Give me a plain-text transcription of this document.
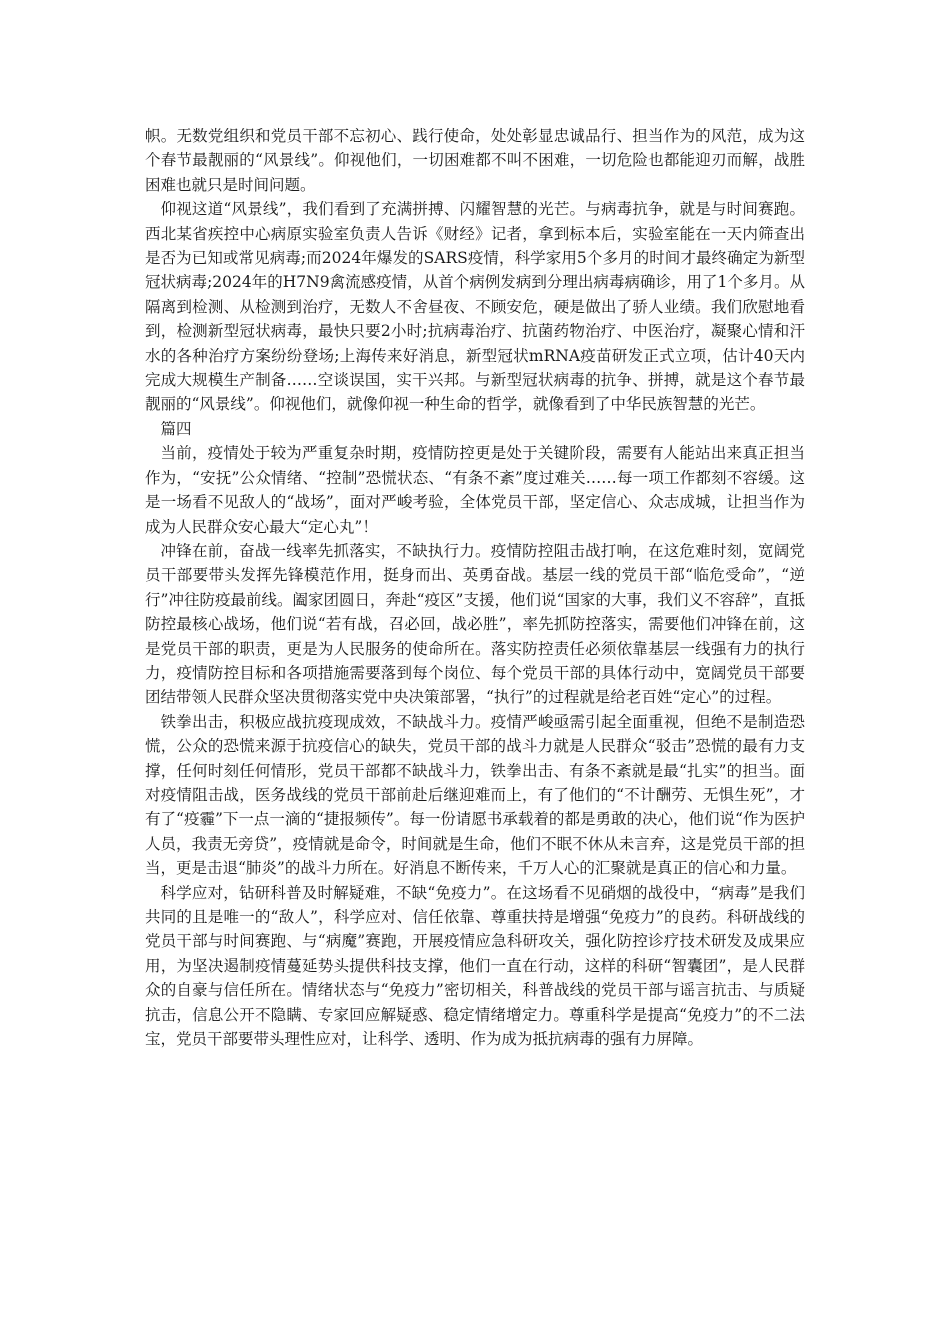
帜。无数党组织和党员干部不忘初心、践行使命，处处彰显忠诚品行、担当作为的风范，成为这个春节最靓丽的“风景线”。仰视他们，一切困难都不叫不困难，一切危险也都能迎刃而解，战胜困难也就只是时间问题。

仰视这道“风景线”，我们看到了充满拼搏、闪耀智慧的光芒。与病毒抗争，就是与时间赛跑。西北某省疾控中心病原实验室负责人告诉《财经》记者，拿到标本后，实验室能在一天内筛查出是否为已知或常见病毒;而2024年爆发的SARS疫情，科学家用5个多月的时间才最终确定为新型冠状病毒;2024年的H7N9禽流感疫情，从首个病例发病到分理出病毒病确诊，用了1个多月。从隔离到检测、从检测到治疗，无数人不舍昼夜、不顾安危，硬是做出了骄人业绩。我们欣慰地看到，检测新型冠状病毒，最快只要2小时;抗病毒治疗、抗菌药物治疗、中医治疗，凝聚心情和汗水的各种治疗方案纷纷登场;上海传来好消息，新型冠状mRNA疫苗研发正式立项，估计40天内完成大规模生产制备……空谈误国，实干兴邦。与新型冠状病毒的抗争、拼搏，就是这个春节最靓丽的“风景线”。仰视他们，就像仰视一种生命的哲学，就像看到了中华民族智慧的光芒。

篇四

当前，疫情处于较为严重复杂时期，疫情防控更是处于关键阶段，需要有人能站出来真正担当作为，“安抚”公众情绪、“控制”恐慌状态、“有条不紊”度过难关……每一项工作都刻不容缓。这是一场看不见敌人的“战场”，面对严峻考验，全体党员干部，坚定信心、众志成城，让担当作为成为人民群众安心最大“定心丸”！

冲锋在前，奋战一线率先抓落实，不缺执行力。疫情防控阻击战打响，在这危难时刻，宽阔党员干部要带头发挥先锋模范作用，挺身而出、英勇奋战。基层一线的党员干部“临危受命”，“逆行”冲往防疫最前线。阖家团圆日，奔赴“疫区”支援，他们说“国家的大事，我们义不容辞”，直抵防控最核心战场，他们说“若有战，召必回，战必胜”，率先抓防控落实，需要他们冲锋在前，这是党员干部的职责，更是为人民服务的使命所在。落实防控责任必须依靠基层一线强有力的执行力，疫情防控目标和各项措施需要落到每个岗位、每个党员干部的具体行动中，宽阔党员干部要团结带领人民群众坚决贯彻落实党中央决策部署，“执行”的过程就是给老百姓“定心”的过程。

铁拳出击，积极应战抗疫现成效，不缺战斗力。疫情严峻亟需引起全面重视，但绝不是制造恐慌，公众的恐慌来源于抗疫信心的缺失，党员干部的战斗力就是人民群众“驳击”恐慌的最有力支撑，任何时刻任何情形，党员干部都不缺战斗力，铁拳出击、有条不紊就是最“扎实”的担当。面对疫情阻击战，医务战线的党员干部前赴后继迎难而上，有了他们的“不计酬劳、无惧生死”，才有了“疫霾”下一点一滴的“捷报频传”。每一份请愿书承载着的都是勇敢的决心，他们说“作为医护人员，我责无旁贷”，疫情就是命令，时间就是生命，他们不眠不休从未言弃，这是党员干部的担当，更是击退“肺炎”的战斗力所在。好消息不断传来，千万人心的汇聚就是真正的信心和力量。

科学应对，钻研科普及时解疑难，不缺“免疫力”。在这场看不见硝烟的战役中，“病毒”是我们共同的且是唯一的“敌人”，科学应对、信任依靠、尊重扶持是增强“免疫力”的良药。科研战线的党员干部与时间赛跑、与“病魔”赛跑，开展疫情应急科研攻关，强化防控诊疗技术研发及成果应用，为坚决遏制疫情蔓延势头提供科技支撑，他们一直在行动，这样的科研“智囊团”，是人民群众的自豪与信任所在。情绪状态与“免疫力”密切相关，科普战线的党员干部与谣言抗击、与质疑抗击，信息公开不隐瞒、专家回应解疑惑、稳定情绪增定力。尊重科学是提高“免疫力”的不二法宝，党员干部要带头理性应对，让科学、透明、作为成为抵抗病毒的强有力屏障。
